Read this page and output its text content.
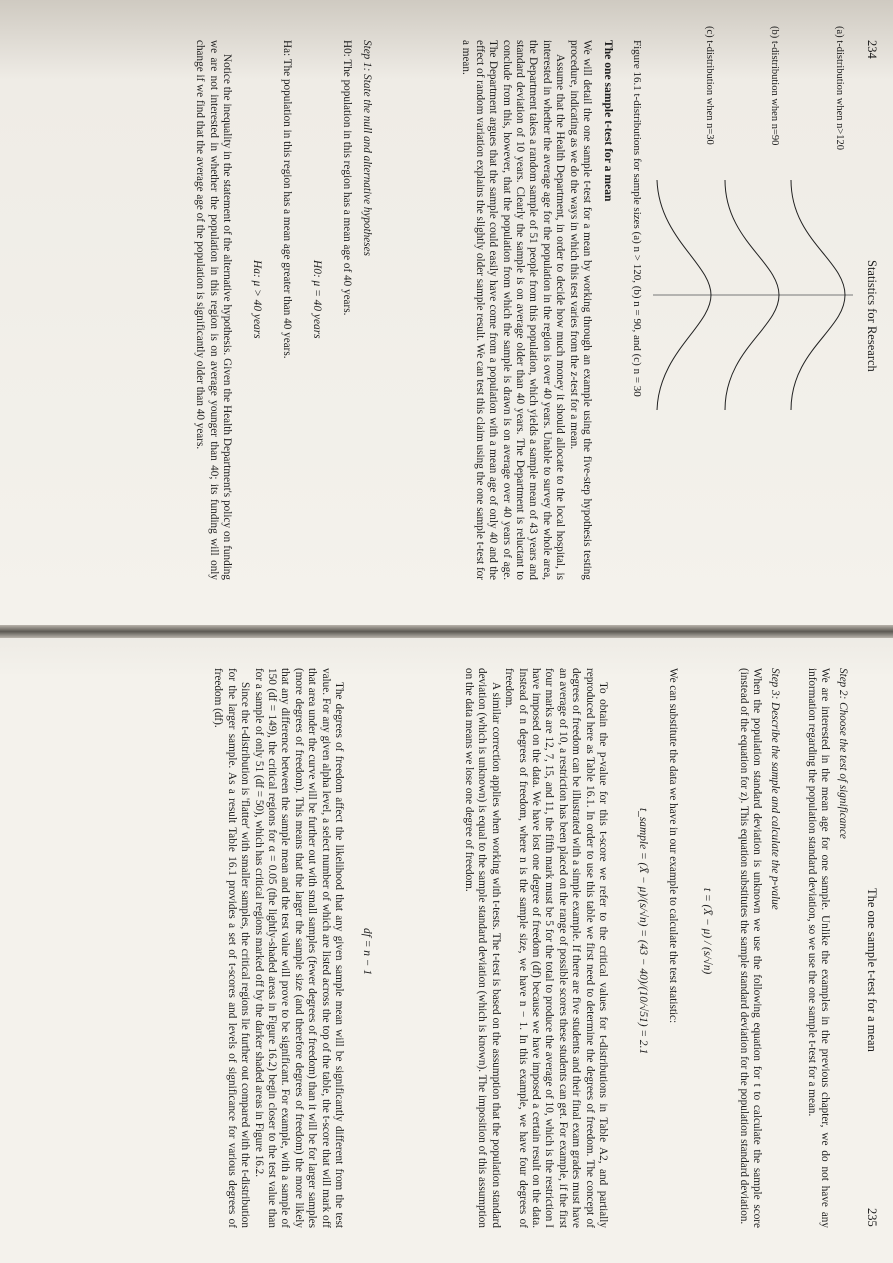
234
Statistics for Research
(a) t-distribution when n>120
(b) t-distribution when n=90
(c) t-distribution when n=30
Figure 16.1 t-distributions for sample sizes (a) n > 120, (b) n = 90, and (c) n = 30
The one sample t-test for a mean

We will detail the one sample t-test for a mean by working through an example using the five-step hypothesis testing procedure, indicating as we do the ways in which this test varies from the z-test for a mean.

Assume that the Health Department, in order to decide how much money it should allocate to the local hospital, is interested in whether the average age for the population in the region is over 40 years. Unable to survey the whole area, the Department takes a random sample of 51 people from this population, which yields a sample mean of 43 years and standard deviation of 10 years. Clearly the sample is on average older than 40 years. The Department is reluctant to conclude from this, however, that the population from which the sample is drawn is on average over 40 years of age. The Department argues that the sample could easily have come from a population with a mean age of only 40 and the effect of random variation explains the slightly older sample result. We can test this claim using the one sample t-test for a mean.

Step 1: State the null and alternative hypotheses
H0: The population in this region has a mean age of 40 years.
H0: μ = 40 years
Ha: The population in this region has a mean age greater than 40 years.
Ha: μ > 40 years

Notice the inequality in the statement of the alternative hypothesis. Given the Health Department's policy on funding we are not interested in whether the population in this region is on average younger than 40; its funding will only change if we find that the average age of the population is significantly older than 40 years.

The one sample t-test for a mean
235
Step 2: Choose the test of significance

We are interested in the mean age for one sample. Unlike the examples in the previous chapter, we do not have any information regarding the population standard deviation, so we use the one sample t-test for a mean.

Step 3: Describe the sample and calculate the p-value

When the population standard deviation is unknown we use the following equation for t to calculate the sample score (instead of the equation for z). This equation substitutes the sample standard deviation for the population standard deviation.

t = (X̄ − μ) / (s/√n)

We can substitute the data we have in our example to calculate the test statistic:

t_sample = (X̄ − μ)/(s/√n) = (43 − 40)/(10/√51) = 2.1

To obtain the p-value for this t-score we refer to the critical values for t-distributions in Table A2, and partially reproduced here as Table 16.1. In order to use this table we first need to determine the degrees of freedom. The concept of degrees of freedom can be illustrated with a simple example. If there are five students and their final exam grades must have an average of 10, a restriction has been placed on the range of possible scores these students can get. For example, if the first four marks are 12, 7, 15, and 11, the fifth mark must be 5 for the total to produce the average of 10, which is the restriction I have imposed on the data. We have lost one degree of freedom (df) because we have imposed a certain result on the data. Instead of n degrees of freedom, where n is the sample size, we have n − 1. In this example, we have four degrees of freedom.

A similar correction applies when working with t-tests. The t-test is based on the assumption that the population standard deviation (which is unknown) is equal to the sample standard deviation (which is known). The imposition of this assumption on the data means we lose one degree of freedom.

df = n − 1

The degrees of freedom affect the likelihood that any given sample mean will be significantly different from the test value. For any given alpha level, a select number of which are listed across the top of the table, the t-score that will mark off that area under the curve will be further out with small samples (fewer degrees of freedom) than it will be for larger samples (more degrees of freedom). This means that the larger the sample size (and therefore degrees of freedom) the more likely that any difference between the sample mean and the test value will prove to be significant. For example, with a sample of 150 (df = 149), the critical regions for α = 0.05 (the lightly-shaded areas in Figure 16.2) begin closer to the test value than for a sample of only 51 (df = 50), which has critical regions marked off by the darker shaded areas in Figure 16.2.

Since the t-distribution is 'flatter' with smaller samples, the critical regions lie further out compared with the t-distribution for the larger sample. As a result Table 16.1 provides a set of t-scores and levels of significance for various degrees of freedom (df).
